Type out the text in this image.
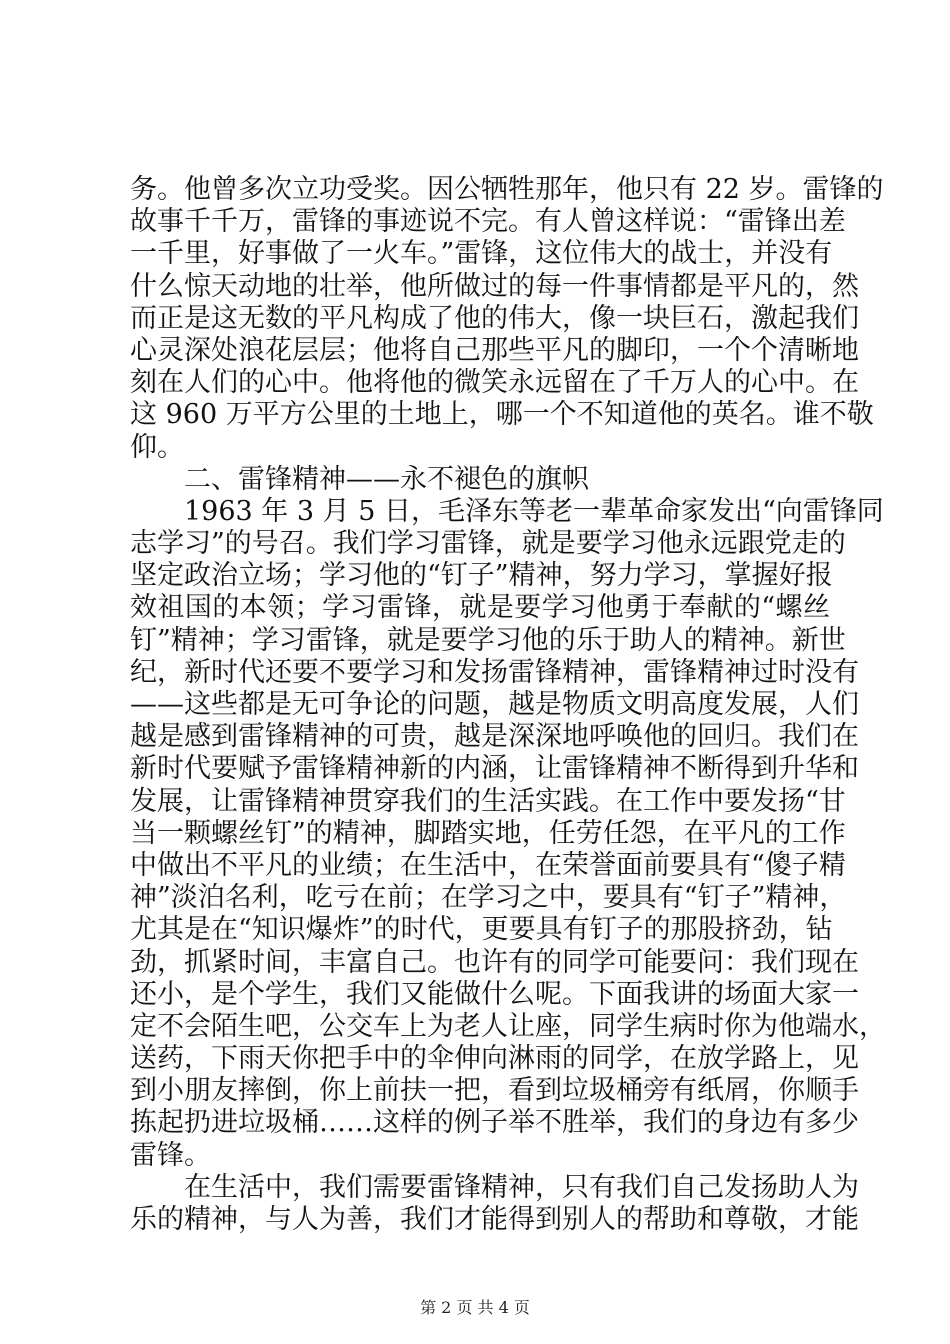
务。他曾多次立功受奖。因公牺牲那年，他只有 22 岁。雷锋的
故事千千万，雷锋的事迹说不完。有人曾这样说：“雷锋出差
一千里，好事做了一火车。”雷锋，这位伟大的战士，并没有
什么惊天动地的壮举，他所做过的每一件事情都是平凡的，然
而正是这无数的平凡构成了他的伟大，像一块巨石，激起我们
心灵深处浪花层层；他将自己那些平凡的脚印，一个个清晰地
刻在人们的心中。他将他的微笑永远留在了千万人的心中。在
这 960 万平方公里的土地上，哪一个不知道他的英名。谁不敬
仰。
二、雷锋精神——永不褪色的旗帜
1963 年 3 月 5 日，毛泽东等老一辈革命家发出“向雷锋同
志学习”的号召。我们学习雷锋，就是要学习他永远跟党走的
坚定政治立场；学习他的“钉子”精神，努力学习，掌握好报
效祖国的本领；学习雷锋，就是要学习他勇于奉献的“螺丝
钉”精神；学习雷锋，就是要学习他的乐于助人的精神。新世
纪，新时代还要不要学习和发扬雷锋精神，雷锋精神过时没有
——这些都是无可争论的问题，越是物质文明高度发展，人们
越是感到雷锋精神的可贵，越是深深地呼唤他的回归。我们在
新时代要赋予雷锋精神新的内涵，让雷锋精神不断得到升华和
发展，让雷锋精神贯穿我们的生活实践。在工作中要发扬“甘
当一颗螺丝钉”的精神，脚踏实地，任劳任怨，在平凡的工作
中做出不平凡的业绩；在生活中，在荣誉面前要具有“傻子精
神”淡泊名利，吃亏在前；在学习之中，要具有“钉子”精神，
尤其是在“知识爆炸”的时代，更要具有钉子的那股挤劲，钻
劲，抓紧时间，丰富自己。也许有的同学可能要问：我们现在
还小，是个学生，我们又能做什么呢。下面我讲的场面大家一
定不会陌生吧，公交车上为老人让座，同学生病时你为他端水，
送药，下雨天你把手中的伞伸向淋雨的同学，在放学路上，见
到小朋友摔倒，你上前扶一把，看到垃圾桶旁有纸屑，你顺手
拣起扔进垃圾桶……这样的例子举不胜举，我们的身边有多少
雷锋。
在生活中，我们需要雷锋精神，只有我们自己发扬助人为
乐的精神，与人为善，我们才能得到别人的帮助和尊敬，才能
第 2 页 共 4 页
